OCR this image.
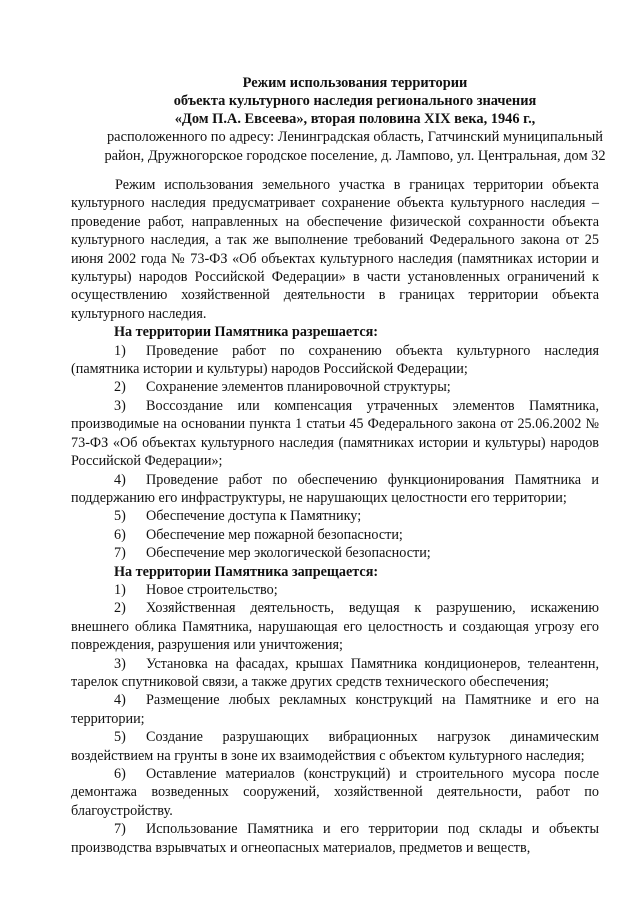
Режим использования территории
объекта культурного наследия регионального значения
«Дом П.А. Евсеева», вторая половина XIX века, 1946 г.,
расположенного по адресу: Ленинградская область, Гатчинский муниципальный
район, Дружногорское городское поселение, д. Лампово, ул. Центральная, дом 32

Режим использования земельного участка в границах территории объекта культурного наследия предусматривает сохранение объекта культурного наследия – проведение работ, направленных на обеспечение физической сохранности объекта культурного наследия, а так же выполнение требований Федерального закона от 25 июня 2002 года № 73-ФЗ «Об объектах культурного наследия (памятниках истории и культуры) народов Российской Федерации» в части установленных ограничений к осуществлению хозяйственной деятельности в границах территории объекта культурного наследия.

На территории Памятника разрешается:

1) Проведение работ по сохранению объекта культурного наследия (памятника истории и культуры) народов Российской Федерации;

2) Сохранение элементов планировочной структуры;

3) Воссоздание или компенсация утраченных элементов Памятника, производимые на основании пункта 1 статьи 45 Федерального закона от 25.06.2002 № 73-ФЗ «Об объектах культурного наследия (памятниках истории и культуры) народов Российской Федерации»;

4) Проведение работ по обеспечению функционирования Памятника и поддержанию его инфраструктуры, не нарушающих целостности его территории;

5) Обеспечение доступа к Памятнику;

6) Обеспечение мер пожарной безопасности;

7) Обеспечение мер экологической безопасности;

На территории Памятника запрещается:

1) Новое строительство;

2) Хозяйственная деятельность, ведущая к разрушению, искажению внешнего облика Памятника, нарушающая его целостность и создающая угрозу его повреждения, разрушения или уничтожения;

3) Установка на фасадах, крышах Памятника кондиционеров, телеантенн, тарелок спутниковой связи, а также других средств технического обеспечения;

4) Размещение любых рекламных конструкций на Памятнике и его на территории;

5) Создание разрушающих вибрационных нагрузок динамическим воздействием на грунты в зоне их взаимодействия с объектом культурного наследия;

6) Оставление материалов (конструкций) и строительного мусора после демонтажа возведенных сооружений, хозяйственной деятельности, работ по благоустройству.

7) Использование Памятника и его территории под склады и объекты производства взрывчатых и огнеопасных материалов, предметов и веществ,
